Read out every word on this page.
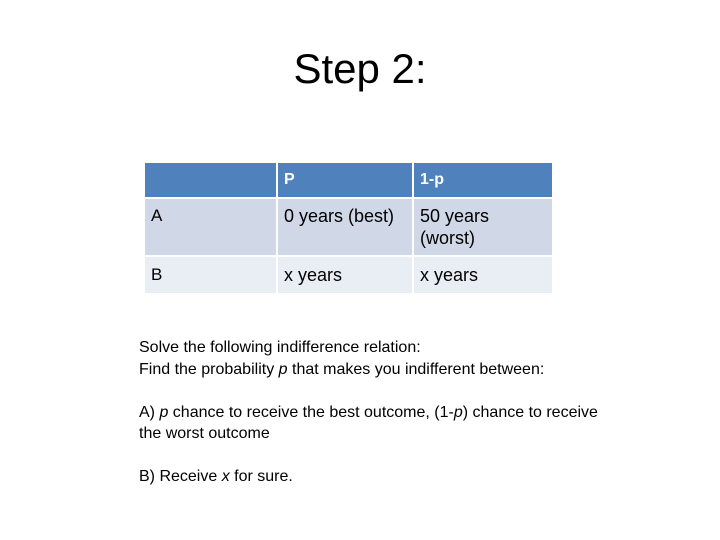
Step 2:
	P	1-p
A	0 years (best)	50 years (worst)
B	x years	x years

Solve the following indifference relation:

Find the probability p that makes you indifferent between:

A) p chance to receive the best outcome, (1-p) chance to receive the worst outcome

B) Receive x for sure.
